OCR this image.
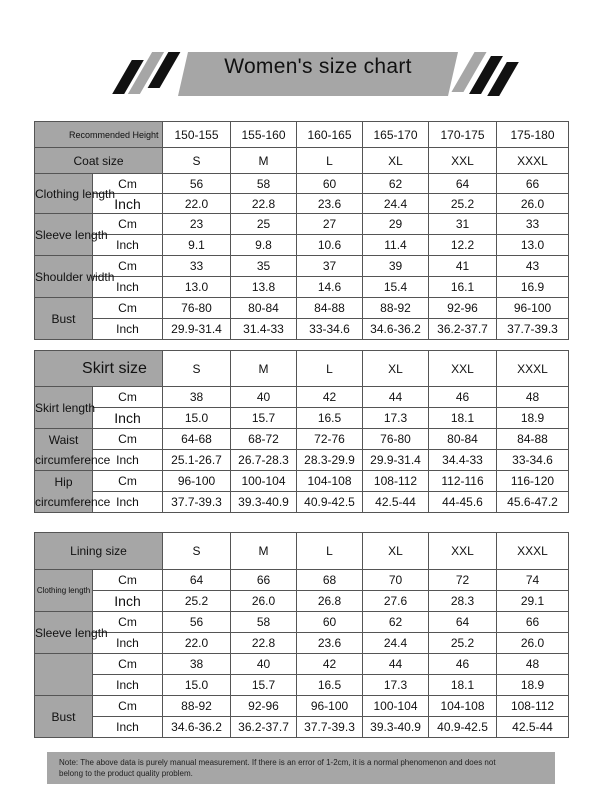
Women's size chart
Recommended Height		150-155	155-160	160-165	165-170	170-175	175-180
Coat size		S	M	L	XL	XXL	XXXL
Clothing length	Cm	56	58	60	62	64	66
	Inch	22.0	22.8	23.6	24.4	25.2	26.0
Sleeve length	Cm	23	25	27	29	31	33
	Inch	9.1	9.8	10.6	11.4	12.2	13.0
Shoulder width	Cm	33	35	37	39	41	43
	Inch	13.0	13.8	14.6	15.4	16.1	16.9
Bust	Cm	76-80	80-84	84-88	88-92	92-96	96-100
	Inch	29.9-31.4	31.4-33	33-34.6	34.6-36.2	36.2-37.7	37.7-39.3
Skirt size		S	M	L	XL	XXL	XXXL
Skirt length	Cm	38	40	42	44	46	48
	Inch	15.0	15.7	16.5	17.3	18.1	18.9
Waist circumference	Cm	64-68	68-72	72-76	76-80	80-84	84-88
	Inch	25.1-26.7	26.7-28.3	28.3-29.9	29.9-31.4	34.4-33	33-34.6
Hip circumference	Cm	96-100	100-104	104-108	108-112	112-116	116-120
	Inch	37.7-39.3	39.3-40.9	40.9-42.5	42.5-44	44-45.6	45.6-47.2
Lining size		S	M	L	XL	XXL	XXXL
Clothing length	Cm	64	66	68	70	72	74
	Inch	25.2	26.0	26.8	27.6	28.3	29.1
Sleeve length	Cm	56	58	60	62	64	66
	Inch	22.0	22.8	23.6	24.4	25.2	26.0
	Cm	38	40	42	44	46	48
	Inch	15.0	15.7	16.5	17.3	18.1	18.9
Bust	Cm	88-92	92-96	96-100	100-104	104-108	108-112
	Inch	34.6-36.2	36.2-37.7	37.7-39.3	39.3-40.9	40.9-42.5	42.5-44
Note: The above data is purely manual measurement. If there is an error of 1-2cm, it is a normal phenomenon and does not
belong to the product quality problem.
